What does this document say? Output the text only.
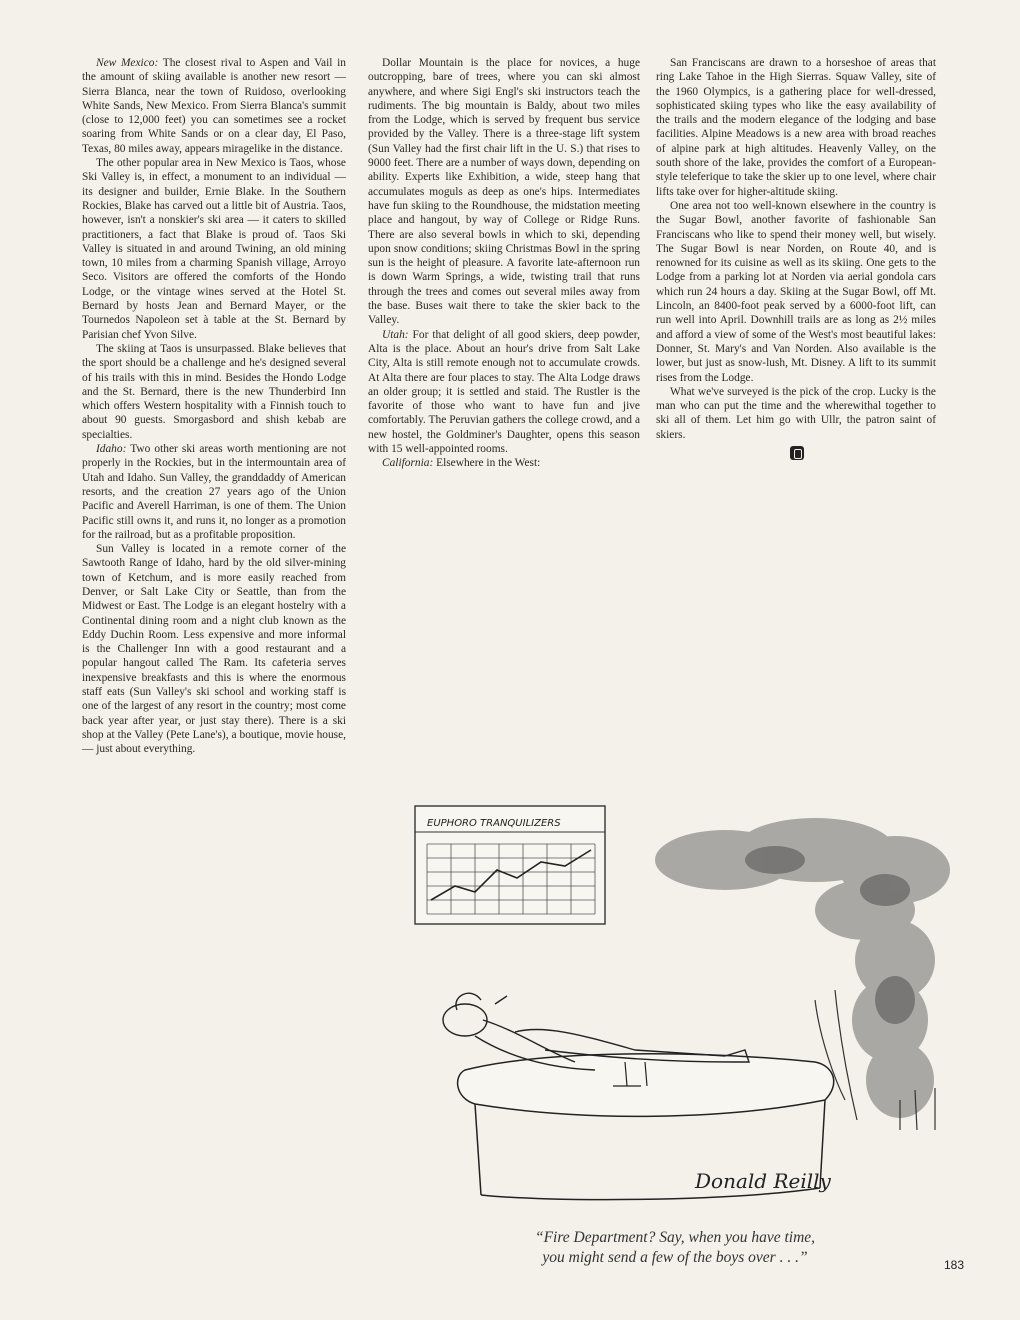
New Mexico: The closest rival to Aspen and Vail in the amount of skiing available is another new resort — Sierra Blanca, near the town of Ruidoso, overlooking White Sands, New Mexico. From Sierra Blanca's summit (close to 12,000 feet) you can sometimes see a rocket soaring from White Sands or on a clear day, El Paso, Texas, 80 miles away, appears miragelike in the distance.

The other popular area in New Mexico is Taos, whose Ski Valley is, in effect, a monument to an individual — its designer and builder, Ernie Blake. In the Southern Rockies, Blake has carved out a little bit of Austria. Taos, however, isn't a nonskier's ski area — it caters to skilled practitioners, a fact that Blake is proud of. Taos Ski Valley is situated in and around Twining, an old mining town, 10 miles from a charming Spanish village, Arroyo Seco. Visitors are offered the comforts of the Hondo Lodge, or the vintage wines served at the Hotel St. Bernard by hosts Jean and Bernard Mayer, or the Tournedos Napoleon set à table at the St. Bernard by Parisian chef Yvon Silve.

The skiing at Taos is unsurpassed. Blake believes that the sport should be a challenge and he's designed several of his trails with this in mind. Besides the Hondo Lodge and the St. Bernard, there is the new Thunderbird Inn which offers Western hospitality with a Finnish touch to about 90 guests. Smorgasbord and shish kebab are specialties.

Idaho: Two other ski areas worth mentioning are not properly in the Rockies, but in the intermountain area of Utah and Idaho. Sun Valley, the granddaddy of American resorts, and the creation 27 years ago of the Union Pacific and Averell Harriman, is one of them. The Union Pacific still owns it, and runs it, no longer as a promotion for the railroad, but as a profitable proposition.

Sun Valley is located in a remote corner of the Sawtooth Range of Idaho, hard by the old silver-mining town of Ketchum, and is more easily reached from Denver, or Salt Lake City or Seattle, than from the Midwest or East. The Lodge is an elegant hostelry with a Continental dining room and a night club known as the Eddy Duchin Room. Less expensive and more informal is the Challenger Inn with a good restaurant and a popular hangout called The Ram. Its cafeteria serves inexpensive breakfasts and this is where the enormous staff eats (Sun Valley's ski school and working staff is one of the largest of any resort in the country; most come back year after year, or just stay there). There is a ski shop at the Valley (Pete Lane's), a boutique, movie house, — just about everything.

Dollar Mountain is the place for novices, a huge outcropping, bare of trees, where you can ski almost anywhere, and where Sigi Engl's ski instructors teach the rudiments. The big mountain is Baldy, about two miles from the Lodge, which is served by frequent bus service provided by the Valley. There is a three-stage lift system (Sun Valley had the first chair lift in the U. S.) that rises to 9000 feet. There are a number of ways down, depending on ability. Experts like Exhibition, a wide, steep hang that accumulates moguls as deep as one's hips. Intermediates have fun skiing to the Roundhouse, the midstation meeting place and hangout, by way of College or Ridge Runs. There are also several bowls in which to ski, depending upon snow conditions; skiing Christmas Bowl in the spring sun is the height of pleasure. A favorite late-afternoon run is down Warm Springs, a wide, twisting trail that runs through the trees and comes out several miles away from the base. Buses wait there to take the skier back to the Valley.

Utah: For that delight of all good skiers, deep powder, Alta is the place. About an hour's drive from Salt Lake City, Alta is still remote enough not to accumulate crowds. At Alta there are four places to stay. The Alta Lodge draws an older group; it is settled and staid. The Rustler is the favorite of those who want to have fun and jive comfortably. The Peruvian gathers the college crowd, and a new hostel, the Goldminer's Daughter, opens this season with 15 well-appointed rooms.

California: Elsewhere in the West:

San Franciscans are drawn to a horseshoe of areas that ring Lake Tahoe in the High Sierras. Squaw Valley, site of the 1960 Olympics, is a gathering place for well-dressed, sophisticated skiing types who like the easy availability of the trails and the modern elegance of the lodging and base facilities. Alpine Meadows is a new area with broad reaches of alpine park at high altitudes. Heavenly Valley, on the south shore of the lake, provides the comfort of a European-style teleferique to take the skier up to one level, where chair lifts take over for higher-altitude skiing.

One area not too well-known elsewhere in the country is the Sugar Bowl, another favorite of fashionable San Franciscans who like to spend their money well, but wisely. The Sugar Bowl is near Norden, on Route 40, and is renowned for its cuisine as well as its skiing. One gets to the Lodge from a parking lot at Norden via aerial gondola cars which run 24 hours a day. Skiing at the Sugar Bowl, off Mt. Lincoln, an 8400-foot peak served by a 6000-foot lift, can run well into April. Downhill trails are as long as 2½ miles and afford a view of some of the West's most beautiful lakes: Donner, St. Mary's and Van Norden. Also available is the lower, but just as snow-lush, Mt. Disney. A lift to its summit rises from the Lodge.

What we've surveyed is the pick of the crop. Lucky is the man who can put the time and the wherewithal together to ski all of them. Let him go with Ullr, the patron saint of skiers.

EUPHORO TRANQUILIZERS
Donald Reilly
“Fire Department? Say, when you have time,
you might send a few of the boys over . . .”	183
